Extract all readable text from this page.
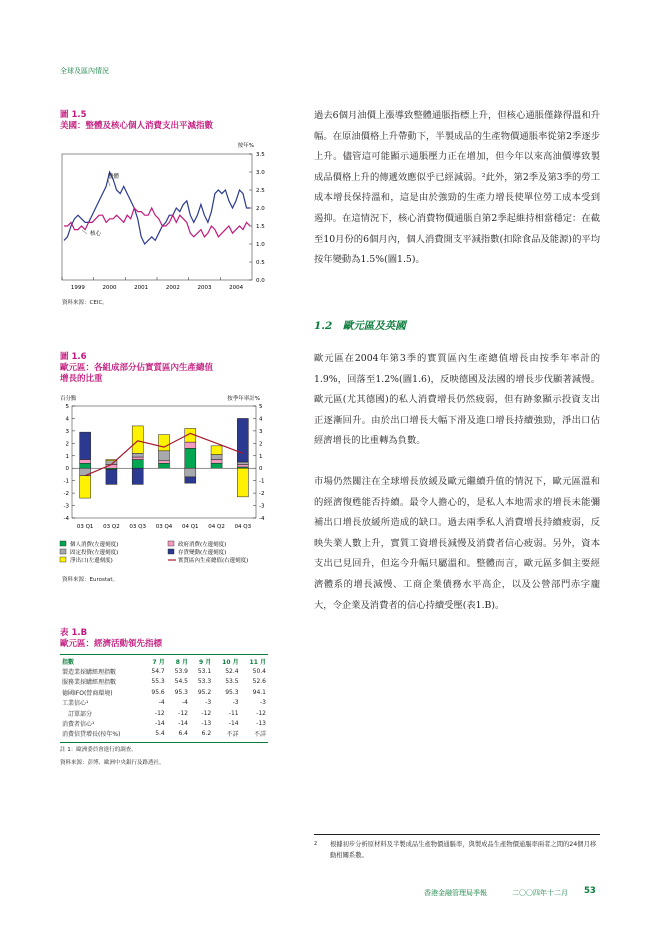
全球及區內情況
圖 1.5
美國：整體及核心個人消費支出平減指數
按年%
3.5
3.0
2.5
2.0
1.5
1.0
0.5
0.0
1999	2000	2001	2002	2003	2004
整體
核心
資料來源：CEIC。
圖 1.6
歐元區：各組成部分佔實質區內生產總值
增長的比重
百分點	按季年率計%
5	5
4	4
3	3
2	2
1	1
0	0
-1	-1
-2	-2
-3	-3
-4	-4
03 Q1 03 Q2 03 Q3 03 Q4 04 Q1 04 Q2 04 Q3
個人消費(左邊刻度)	政府消費(左邊刻度)
固定投資(左邊刻度)	存貨變動(左邊刻度)
淨出口(左邊刻度)	實質區內生產總值(右邊刻度)
資料來源：Eurostat。
表 1.B
歐元區：經濟活動領先指標
指數	7 月	8 月	9 月	10 月	11 月
製造業採購經理指數	54.7	53.9	53.1	52.4	50.4
服務業採購經理指數	55.3	54.5	53.3	53.5	52.6
德國IFO(營商環境)	95.6	95.3	95.2	95.3	94.1
工業信心¹	-4	-4	-3	-3	-3
訂單部分	-12	-12	-12	-11	-12
消費者信心¹	-14	-14	-13	-14	-13
消費信貸增長(按年%)	5.4	6.4	6.2	不詳	不詳
註 1：歐洲委員會進行的調查。
資料來源：彭博、歐洲中央銀行及路透社。

過去6個月油價上漲導致整體通脹指標上升，但核心通脹僅錄得溫和升幅。在原油價格上升帶動下，半製成品的生產物價通脹率從第2季逐步上升。儘管這可能顯示通脹壓力正在增加，但今年以來高油價導致製成品價格上升的傳遞效應似乎已經減弱。²此外，第2季及第3季的勞工成本增長保持溫和，這是由於強勁的生產力增長使單位勞工成本受到遏抑。在這情況下，核心消費物價通脹自第2季起維持相當穩定：在截至10月份的6個月內，個人消費開支平減指數(扣除食品及能源)的平均按年變動為1.5%(圖1.5)。

1.2　歐元區及英國

歐元區在2004年第3季的實質區內生產總值增長由按季年率計的1.9%，回落至1.2%(圖1.6)，反映德國及法國的增長步伐顯著減慢。歐元區(尤其德國)的私人消費增長仍然疲弱，但有跡象顯示投資支出正逐漸回升。由於出口增長大幅下滑及進口增長持續強勁，淨出口佔經濟增長的比重轉為負數。

市場仍然關注在全球增長放緩及歐元繼續升值的情況下，歐元區溫和的經濟復甦能否持續。最令人擔心的，是私人本地需求的增長未能彌補出口增長放緩所造成的缺口。過去兩季私人消費增長持續疲弱，反映失業人數上升，實質工資增長減慢及消費者信心疲弱。另外，資本支出已見回升，但迄今升幅只屬溫和。整體而言，歐元區多個主要經濟體系的增長減慢、工商企業債務水平高企，以及公營部門赤字龐大，令企業及消費者的信心持續受壓(表1.B)。

2 根據初步分析原材料及半製成品生產物價通脹率，與製成品生產物價通脹率兩者之間的24個月移動相關系數。
香港金融管理局季報	二〇〇四年十二月 53
